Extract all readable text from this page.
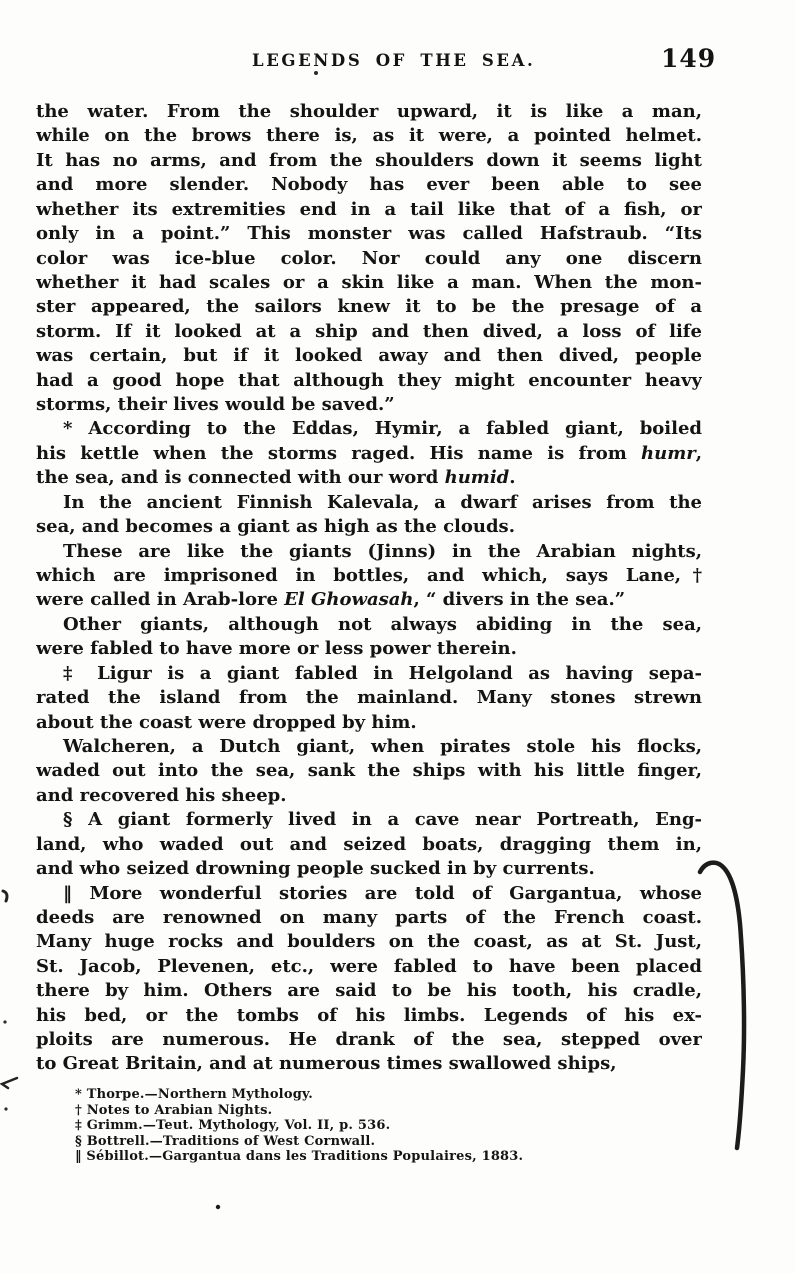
LEGENDS OF THE SEA.	149
the water. From the shoulder upward, it is like a man,
while on the brows there is, as it were, a pointed helmet.
It has no arms, and from the shoulders down it seems light
and more slender. Nobody has ever been able to see
whether its extremities end in a tail like that of a fish, or
only in a point.” This monster was called Hafstraub. “Its
color was ice-blue color. Nor could any one discern
whether it had scales or a skin like a man. When the mon-
ster appeared, the sailors knew it to be the presage of a
storm. If it looked at a ship and then dived, a loss of life
was certain, but if it looked away and then dived, people
had a good hope that although they might encounter heavy
storms, their lives would be saved.”
* According to the Eddas, Hymir, a fabled giant, boiled
his kettle when the storms raged. His name is from humr,
the sea, and is connected with our word humid.
In the ancient Finnish Kalevala, a dwarf arises from the
sea, and becomes a giant as high as the clouds.
These are like the giants (Jinns) in the Arabian nights,
which are imprisoned in bottles, and which, says Lane,†
were called in Arab-lore El Ghowasah, “ divers in the sea.”
Other giants, although not always abiding in the sea,
were fabled to have more or less power therein.
‡ Ligur is a giant fabled in Helgoland as having sepa-
rated the island from the mainland. Many stones strewn
about the coast were dropped by him.
Walcheren, a Dutch giant, when pirates stole his flocks,
waded out into the sea, sank the ships with his little finger,
and recovered his sheep.
§ A giant formerly lived in a cave near Portreath, Eng-
land, who waded out and seized boats, dragging them in,
and who seized drowning people sucked in by currents.
‖ More wonderful stories are told of Gargantua, whose
deeds are renowned on many parts of the French coast.
Many huge rocks and boulders on the coast, as at St. Just,
St. Jacob, Plevenen, etc., were fabled to have been placed
there by him. Others are said to be his tooth, his cradle,
his bed, or the tombs of his limbs. Legends of his ex-
ploits are numerous. He drank of the sea, stepped over
to Great Britain, and at numerous times swallowed ships,
* Thorpe.—Northern Mythology.
† Notes to Arabian Nights.
‡ Grimm.—Teut. Mythology, Vol. II, p. 536.
§ Bottrell.—Traditions of West Cornwall.
‖ Sébillot.—Gargantua dans les Traditions Populaires, 1883.
